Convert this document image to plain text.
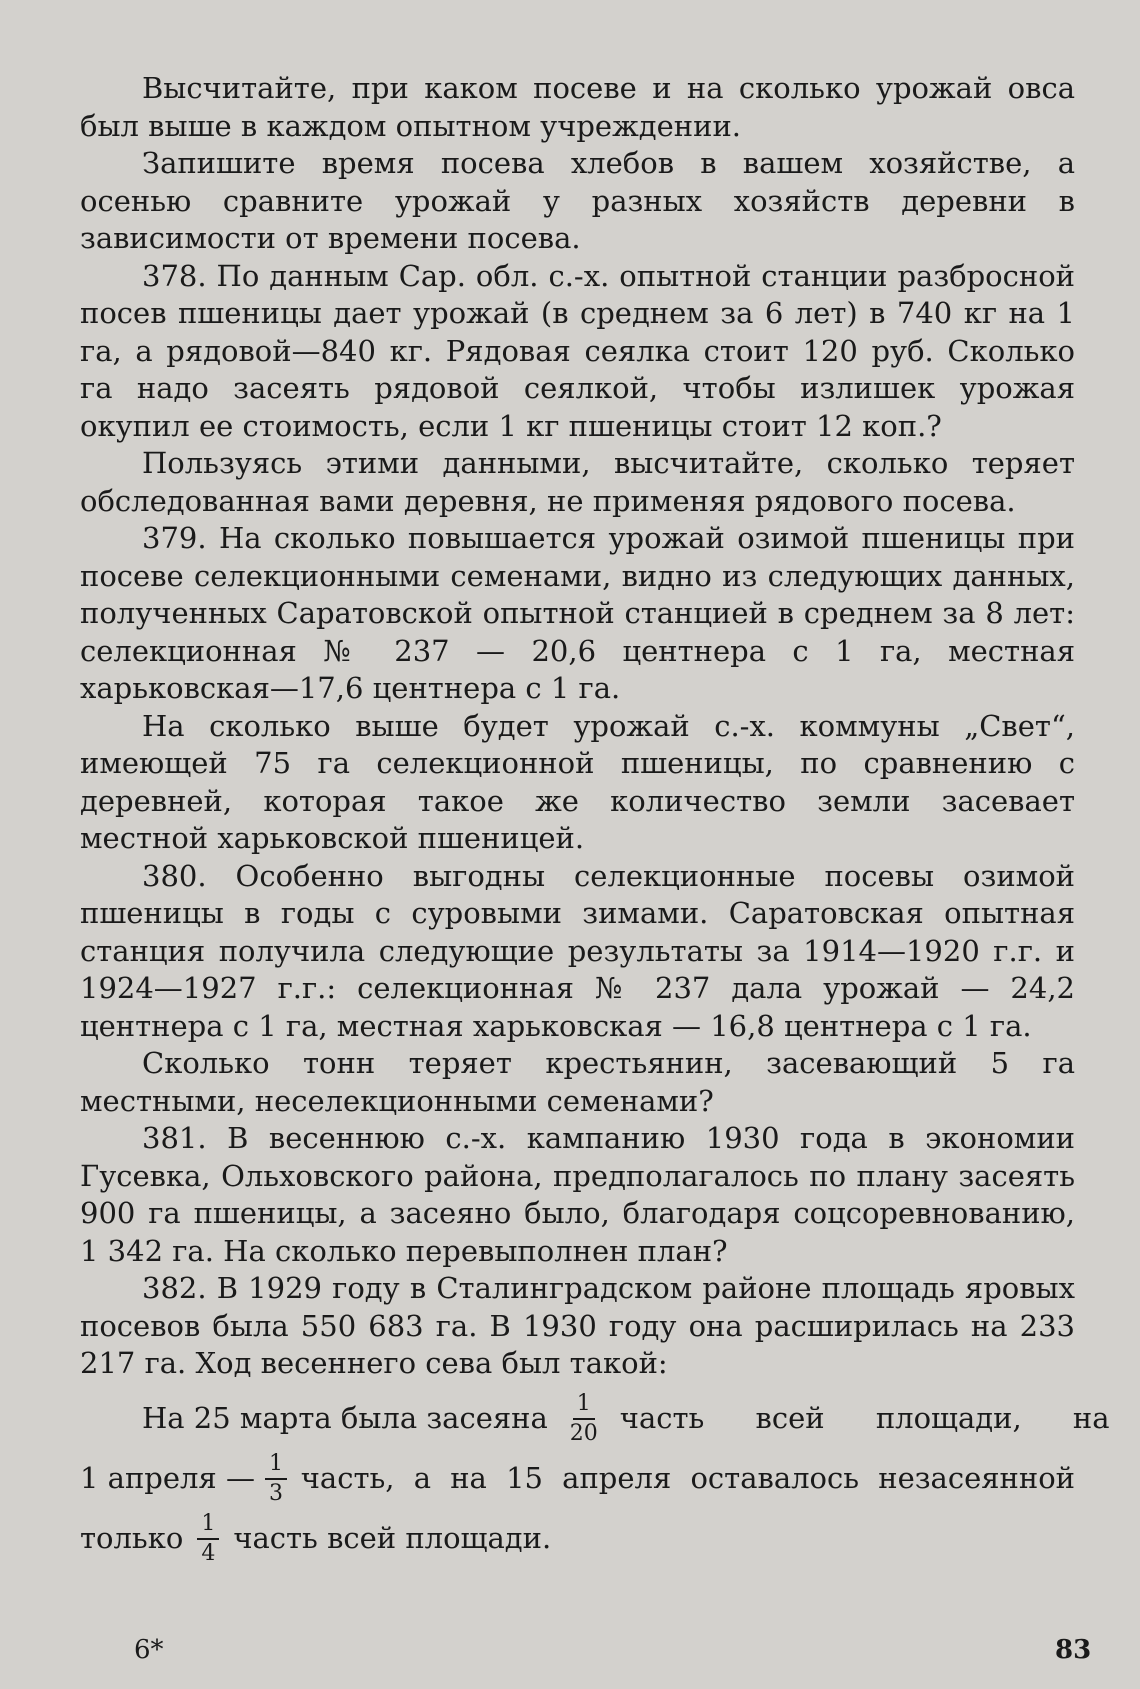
Высчитайте, при каком посеве и на сколько урожай овса был выше в каждом опытном учреждении.

Запишите время посева хлебов в вашем хозяйстве, а осенью сравните урожай у разных хозяйств деревни в зависимости от времени посева.

378. По данным Сар. обл. с.-х. опытной станции разбросной посев пшеницы дает урожай (в среднем за 6 лет) в 740 кг на 1 га, а рядовой—840 кг. Рядовая сеялка стоит 120 руб. Сколько га надо засеять рядовой сеялкой, чтобы излишек урожая окупил ее стоимость, если 1 кг пшеницы стоит 12 коп.?

Пользуясь этими данными, высчитайте, сколько теряет обследованная вами деревня, не применяя рядового посева.

379. На сколько повышается урожай озимой пшеницы при посеве селекционными семенами, видно из следующих данных, полученных Саратовской опытной станцией в среднем за 8 лет: селекционная № 237 — 20,6 центнера с 1 га, местная харьковская—17,6 центнера с 1 га.

На сколько выше будет урожай с.-х. коммуны „Свет“, имеющей 75 га селекционной пшеницы, по сравнению с деревней, которая такое же количество земли засевает местной харьковской пшеницей.

380. Особенно выгодны селекционные посевы озимой пшеницы в годы с суровыми зимами. Саратовская опытная станция получила следующие результаты за 1914—1920 г.г. и 1924—1927 г.г.: селекционная № 237 дала урожай — 24,2 центнера с 1 га, местная харьковская — 16,8 центнера с 1 га.

Сколько тонн теряет крестьянин, засевающий 5 га местными, неселекционными семенами?

381. В весеннюю с.-х. кампанию 1930 года в экономии Гусевка, Ольховского района, предполагалось по плану засеять 900 га пшеницы, а засеяно было, благодаря соцсоревнованию, 1 342 га. На сколько перевыполнен план?

382. В 1929 году в Сталинградском районе площадь яровых посевов была 550 683 га. В 1930 году она расширилась на 233 217 га. Ход весеннего сева был такой:

На 25 марта была засеяна $\frac{1}{20}$ часть всей площади, на
1 апреля — $\frac{1}{3}$ часть, а на 15 апреля оставалось незасеянной
только $\frac{1}{4}$ часть всей площади.
6*	83
